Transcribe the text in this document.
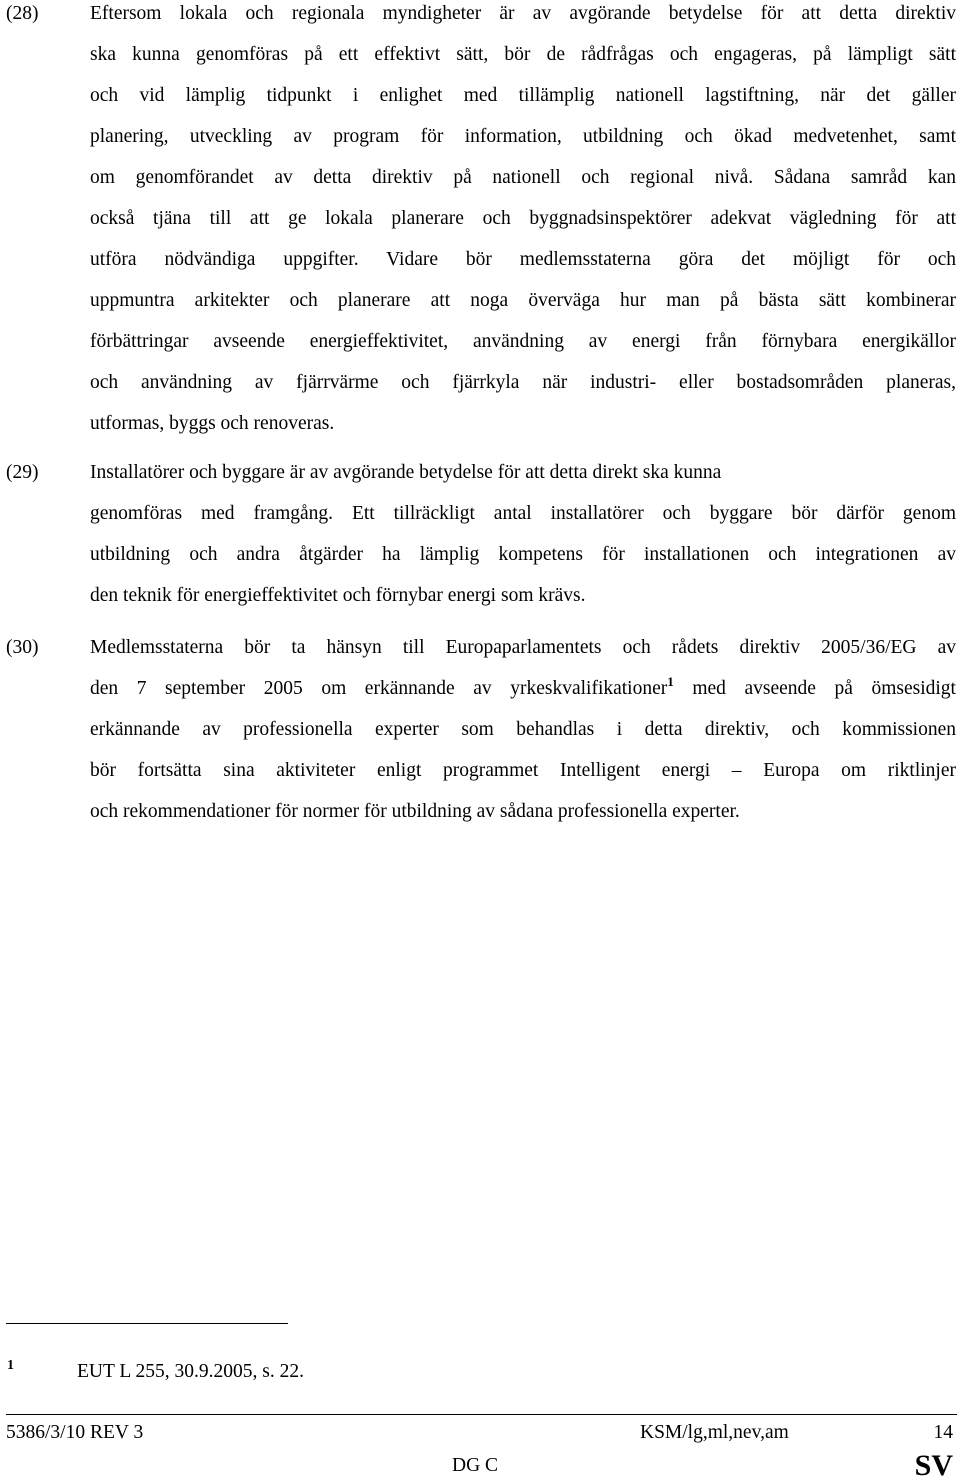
(28)	Eftersom lokala och regionala myndigheter är av avgörande betydelse för att detta direktiv
ska kunna genomföras på ett effektivt sätt, bör de rådfrågas och engageras, på lämpligt sätt
och vid lämplig tidpunkt i enlighet med tillämplig nationell lagstiftning, när det gäller
planering, utveckling av program för information, utbildning och ökad medvetenhet, samt
om genomförandet av detta direktiv på nationell och regional nivå. Sådana samråd kan
också tjäna till att ge lokala planerare och byggnadsinspektörer adekvat vägledning för att
utföra nödvändiga uppgifter. Vidare bör medlemsstaterna göra det möjligt för och
uppmuntra arkitekter och planerare att noga överväga hur man på bästa sätt kombinerar
förbättringar avseende energieffektivitet, användning av energi från förnybara energikällor
och användning av fjärrvärme och fjärrkyla när industri- eller bostadsområden planeras,
utformas, byggs och renoveras.
(29)	Installatörer och byggare är av avgörande betydelse för att detta direkt ska kunna
genomföras med framgång. Ett tillräckligt antal installatörer och byggare bör därför genom
utbildning och andra åtgärder ha lämplig kompetens för installationen och integrationen av
den teknik för energieffektivitet och förnybar energi som krävs.
(30)	Medlemsstaterna bör ta hänsyn till Europaparlamentets och rådets direktiv 2005/36/EG av
den 7 september 2005 om erkännande av yrkeskvalifikationer$^1$ med avseende på ömsesidigt
erkännande av professionella experter som behandlas i detta direktiv, och kommissionen
bör fortsätta sina aktiviteter enligt programmet Intelligent energi – Europa om riktlinjer
och rekommendationer för normer för utbildning av sådana professionella experter.
1	EUT L 255, 30.9.2005, s. 22.
5386/3/10 REV 3	KSM/lg,ml,nev,am	14
DG C	SV
